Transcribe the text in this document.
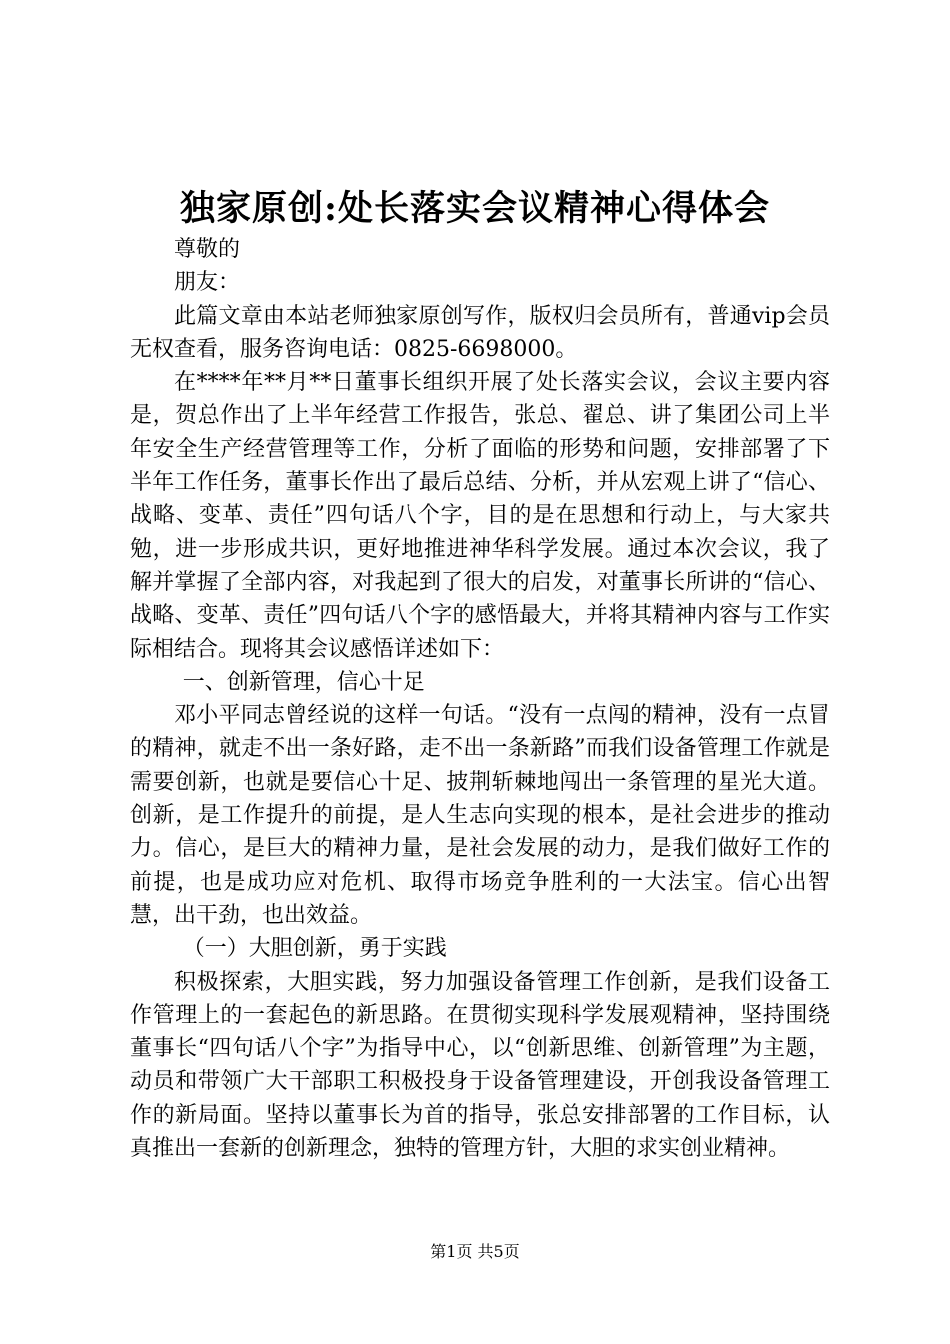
独家原创:处长落实会议精神心得体会

尊敬的

朋友：

此篇文章由本站老师独家原创写作，版权归会员所有，普通vip会员无权查看，服务咨询电话：0825-6698000。

在****年**月**日董事长组织开展了处长落实会议，会议主要内容是，贺总作出了上半年经营工作报告，张总、翟总、讲了集团公司上半年安全生产经营管理等工作，分析了面临的形势和问题，安排部署了下半年工作任务，董事长作出了最后总结、分析，并从宏观上讲了“信心、战略、变革、责任”四句话八个字，目的是在思想和行动上，与大家共勉，进一步形成共识，更好地推进神华科学发展。通过本次会议，我了解并掌握了全部内容，对我起到了很大的启发，对董事长所讲的“信心、战略、变革、责任”四句话八个字的感悟最大，并将其精神内容与工作实际相结合。现将其会议感悟详述如下：

一、创新管理，信心十足

邓小平同志曾经说的这样一句话。“没有一点闯的精神，没有一点冒的精神，就走不出一条好路，走不出一条新路”而我们设备管理工作就是需要创新，也就是要信心十足、披荆斩棘地闯出一条管理的星光大道。创新，是工作提升的前提，是人生志向实现的根本，是社会进步的推动力。信心，是巨大的精神力量，是社会发展的动力，是我们做好工作的前提，也是成功应对危机、取得市场竞争胜利的一大法宝。信心出智慧，出干劲，也出效益。

（一）大胆创新，勇于实践

积极探索，大胆实践，努力加强设备管理工作创新，是我们设备工作管理上的一套起色的新思路。在贯彻实现科学发展观精神，坚持围绕董事长“四句话八个字”为指导中心，以“创新思维、创新管理”为主题，动员和带领广大干部职工积极投身于设备管理建设，开创我设备管理工作的新局面。坚持以董事长为首的指导，张总安排部署的工作目标，认真推出一套新的创新理念，独特的管理方针，大胆的求实创业精神。

第1页 共5页
